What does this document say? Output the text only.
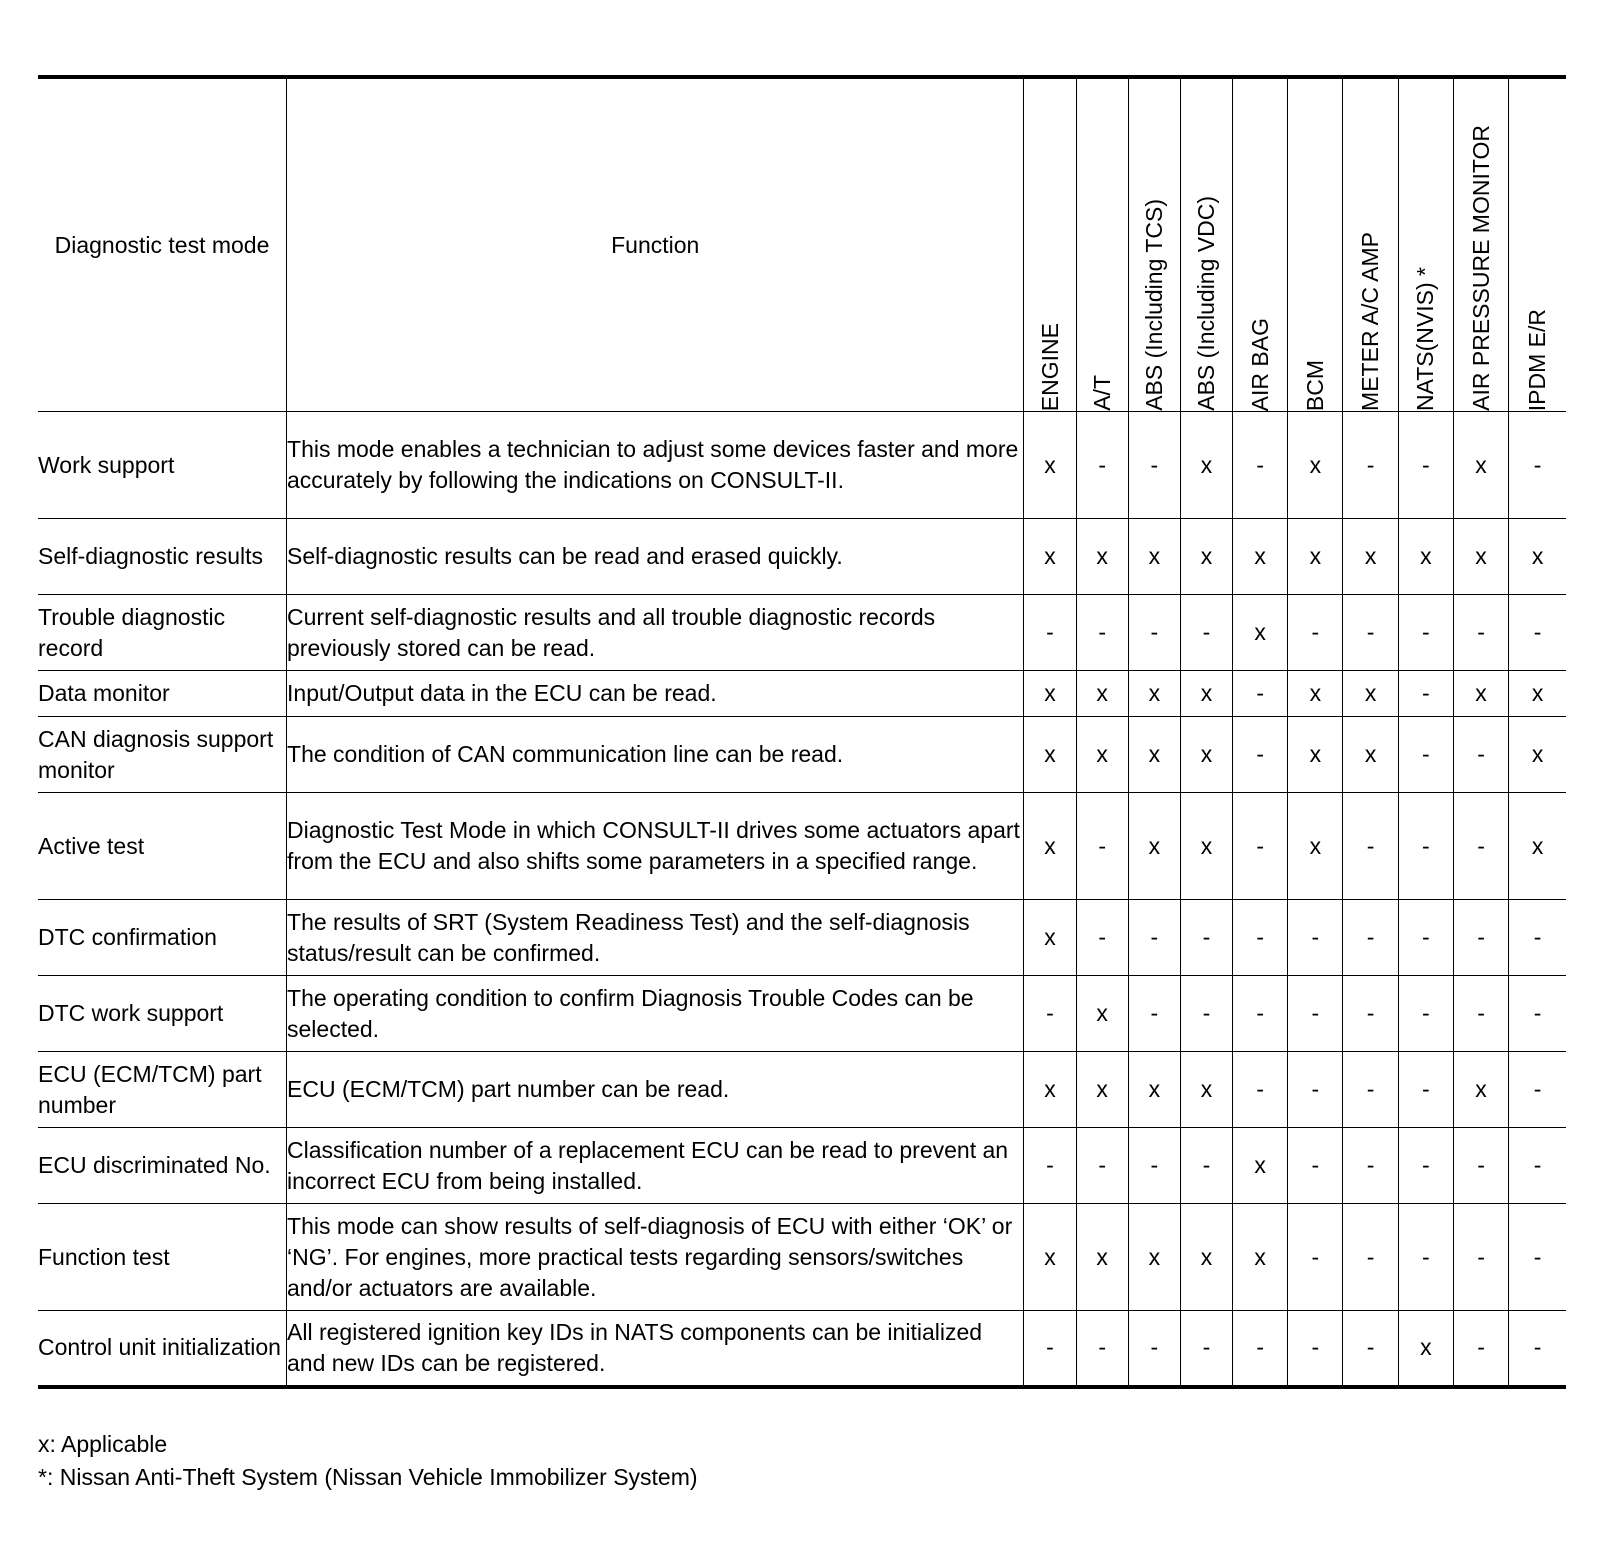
Diagnostic test mode	Function	ENGINE	A/T	ABS (Including TCS)	ABS (Including VDC)	AIR BAG	BCM	METER A/C AMP	NATS(NVIS) *	AIR PRESSURE MONITOR	IPDM E/R

Work support	This mode enables a technician to adjust some devices faster and more accurately by following the indications on CONSULT-II.	x	-	-	x	-	x	-	-	x	-
Self-diagnostic results	Self-diagnostic results can be read and erased quickly.	x	x	x	x	x	x	x	x	x	x
Trouble diagnostic record	Current self-diagnostic results and all trouble diagnostic records previously stored can be read.	-	-	-	-	x	-	-	-	-	-
Data monitor	Input/Output data in the ECU can be read.	x	x	x	x	-	x	x	-	x	x
CAN diagnosis support monitor	The condition of CAN communication line can be read.	x	x	x	x	-	x	x	-	-	x
Active test	Diagnostic Test Mode in which CONSULT-II drives some actuators apart from the ECU and also shifts some parameters in a specified range.	x	-	x	x	-	x	-	-	-	x
DTC confirmation	The results of SRT (System Readiness Test) and the self-diagnosis status/result can be confirmed.	x	-	-	-	-	-	-	-	-	-
DTC work support	The operating condition to confirm Diagnosis Trouble Codes can be selected.	-	x	-	-	-	-	-	-	-	-
ECU (ECM/TCM) part number	ECU (ECM/TCM) part number can be read.	x	x	x	x	-	-	-	-	x	-
ECU discriminated No.	Classification number of a replacement ECU can be read to prevent an incorrect ECU from being installed.	-	-	-	-	x	-	-	-	-	-
Function test	This mode can show results of self-diagnosis of ECU with either ‘OK’ or ‘NG’. For engines, more practical tests regarding sensors/switches and/or actuators are available.	x	x	x	x	x	-	-	-	-	-
Control unit initialization	All registered ignition key IDs in NATS components can be initialized and new IDs can be registered.	-	-	-	-	-	-	-	x	-	-
x: Applicable
*: Nissan Anti-Theft System (Nissan Vehicle Immobilizer System)
